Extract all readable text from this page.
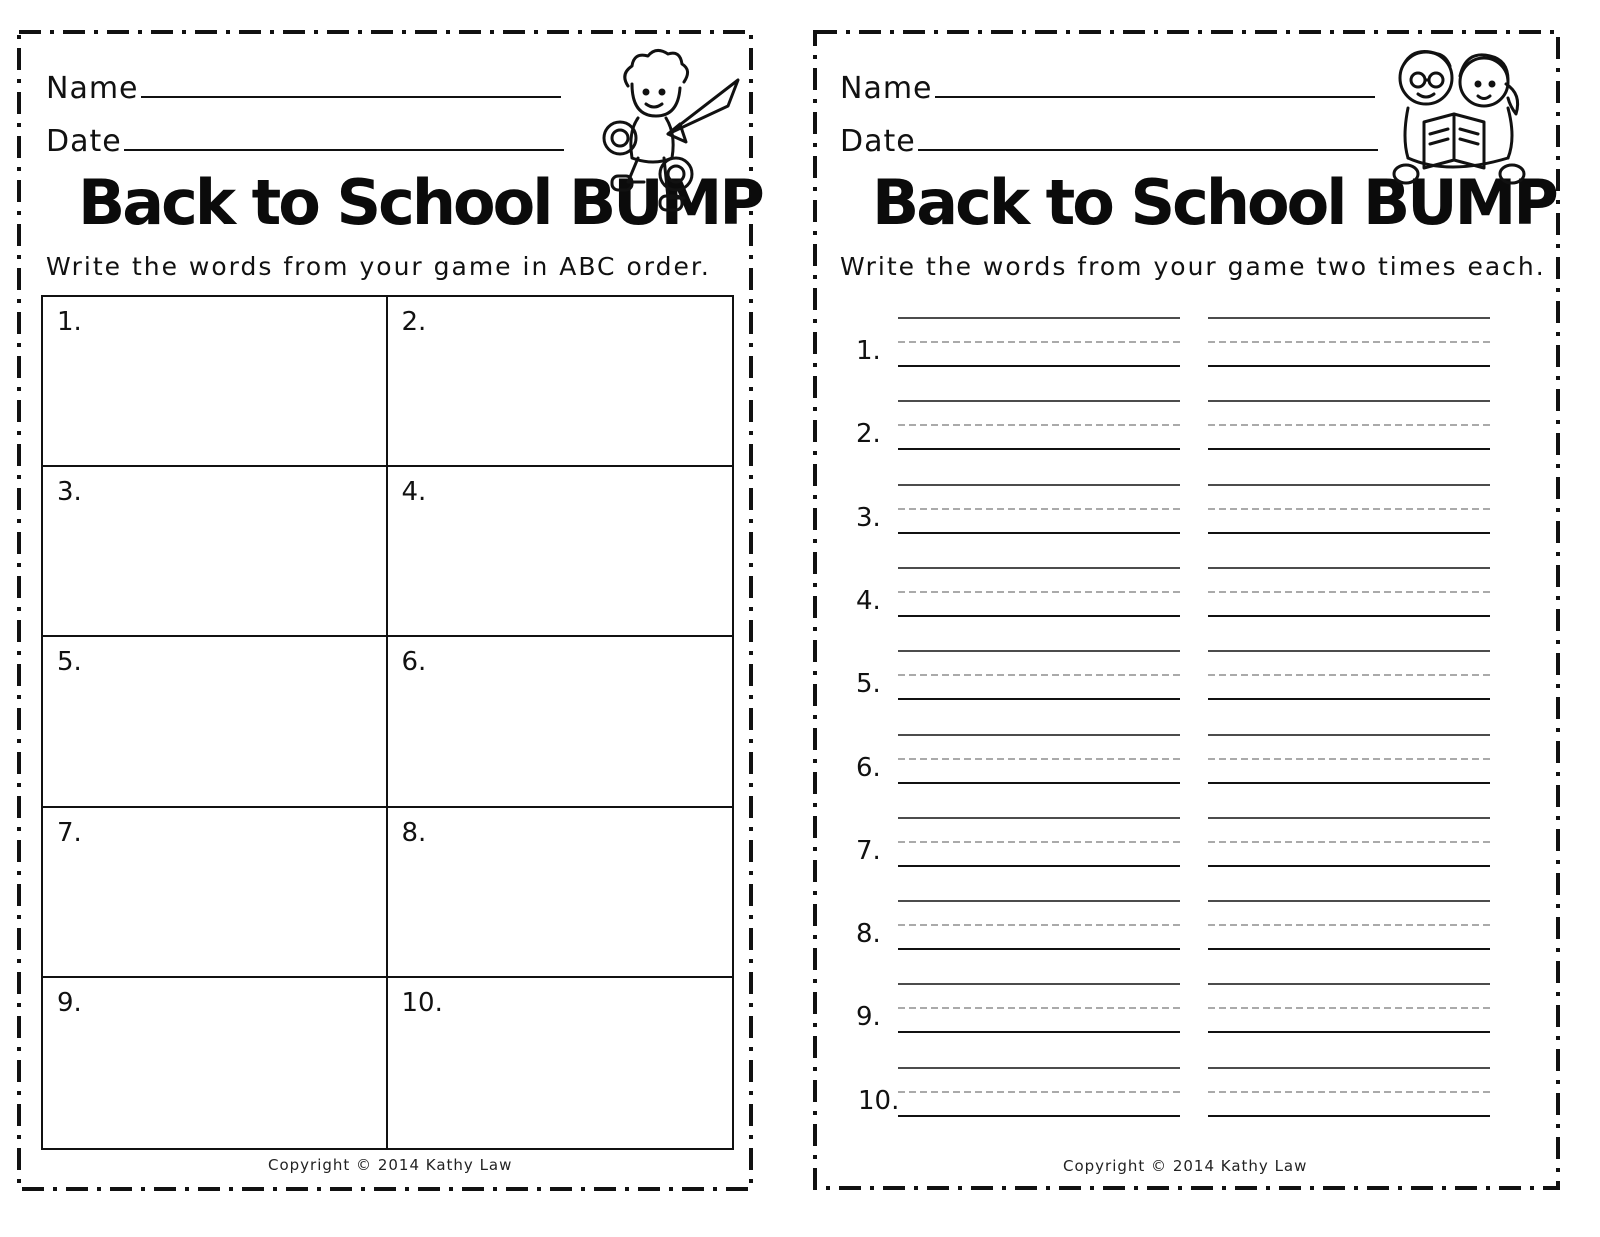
Name
Date
Back to School BUMP
Write the words from your game in ABC order.
1.	2.
3.	4.
5.	6.
7.	8.
9.	10.
Copyright © 2014 Kathy Law
Name
Date
Back to School BUMP
Write the words from your game two times each.
1.
2.
3.
4.
5.
6.
7.
8.
9.
10.
Copyright © 2014 Kathy Law
